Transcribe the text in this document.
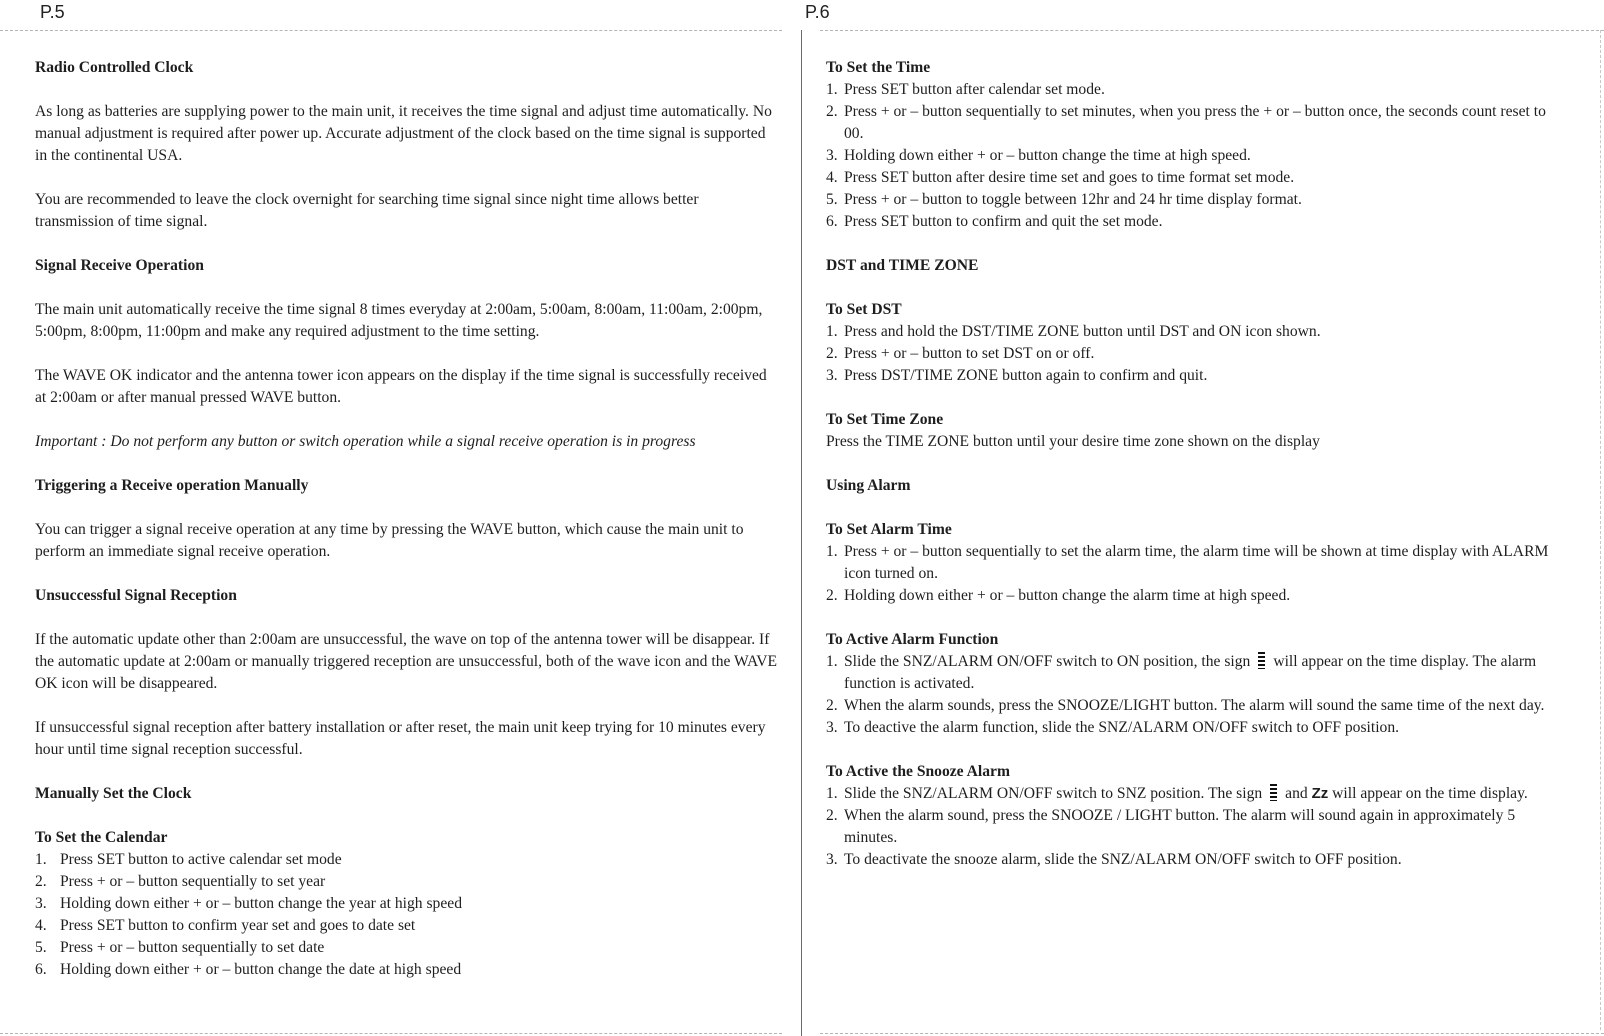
P.5	P.6
Radio Controlled Clock

As long as batteries are supplying power to the main unit, it receives the time signal and adjust time automatically. No manual adjustment is required after power up. Accurate adjustment of the clock based on the time signal is supported in the continental USA.

You are recommended to leave the clock overnight for searching time signal since night time allows better transmission of time signal.

Signal Receive Operation

The main unit automatically receive the time signal 8 times everyday at 2:00am, 5:00am, 8:00am, 11:00am, 2:00pm, 5:00pm, 8:00pm, 11:00pm and make any required adjustment to the time setting.

The WAVE OK indicator and the antenna tower icon appears on the display if the time signal is successfully received at 2:00am or after manual pressed WAVE button.

Important : Do not perform any button or switch operation while a signal receive operation is in progress

Triggering a Receive operation Manually

You can trigger a signal receive operation at any time by pressing the WAVE button, which cause the main unit to perform an immediate signal receive operation.

Unsuccessful Signal Reception

If the automatic update other than 2:00am are unsuccessful, the wave on top of the antenna tower will be disappear. If the automatic update at 2:00am or manually triggered reception are unsuccessful, both of the wave icon and the WAVE OK icon will be disappeared.

If unsuccessful signal reception after battery installation or after reset, the main unit keep trying for 10 minutes every hour until time signal reception successful.

Manually Set the Clock
To Set the Calendar
1. Press SET button to active calendar set mode
2. Press + or – button sequentially to set year
3. Holding down either + or – button change the year at high speed
4. Press SET button to confirm year set and goes to date set
5. Press + or – button sequentially to set date
6. Holding down either + or – button change the date at high speed
To Set the Time
1. Press SET button after calendar set mode.
2. Press + or – button sequentially to set minutes, when you press the + or – button once, the seconds count reset to 00.
3. Holding down either + or – button change the time at high speed.
4. Press SET button after desire time set and goes to time format set mode.
5. Press + or – button to toggle between 12hr and 24 hr time display format.
6. Press SET button to confirm and quit the set mode.
DST and TIME ZONE
To Set DST
1. Press and hold the DST/TIME ZONE button until DST and ON icon shown.
2. Press + or – button to set DST on or off.
3. Press DST/TIME ZONE button again to confirm and quit.
To Set Time Zone

Press the TIME ZONE button until your desire time zone shown on the display

Using Alarm
To Set Alarm Time
1. Press + or – button sequentially to set the alarm time, the alarm time will be shown at time display with ALARM icon turned on.
2. Holding down either + or – button change the alarm time at high speed.
To Active Alarm Function
1. Slide the SNZ/ALARM ON/OFF switch to ON position, the sign will appear on the time display. The alarm function is activated.
2. When the alarm sounds, press the SNOOZE/LIGHT button. The alarm will sound the same time of the next day.
3. To deactive the alarm function, slide the SNZ/ALARM ON/OFF switch to OFF position.
To Active the Snooze Alarm
1. Slide the SNZ/ALARM ON/OFF switch to SNZ position. The sign and Zz will appear on the time display.
2. When the alarm sound, press the SNOOZE / LIGHT button. The alarm will sound again in approximately 5 minutes.
3. To deactivate the snooze alarm, slide the SNZ/ALARM ON/OFF switch to OFF position.
